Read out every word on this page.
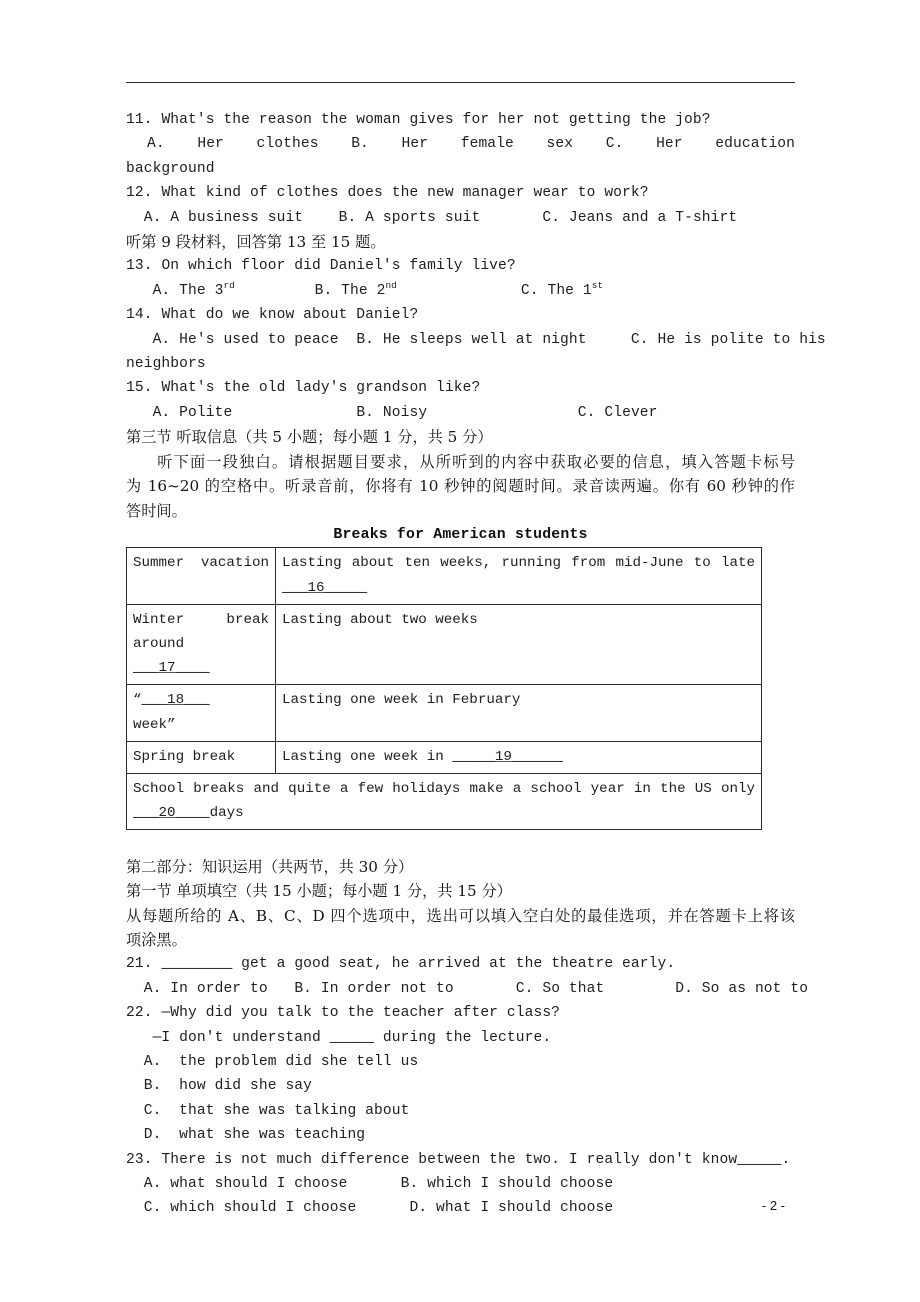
11. What's the reason the woman gives for her not getting the job?
A. Her clothes B. Her female sex C. Her education
background
12. What kind of clothes does the new manager wear to work?
A. A business suit B. A sports suit	C. Jeans and a T-shirt
听第 9 段材料，回答第 13 至 15 题。
13. On which floor did Daniel's family live?
A. The 3rd	B. The 2nd	C. The 1st
14. What do we know about Daniel?
A. He's used to peace B. He sleeps well at night	C. He is polite to his
neighbors
15. What's the old lady's grandson like?
A. Polite	B. Noisy	C. Clever
第三节 听取信息（共 5 小题；每小题 1 分，共 5 分）
听下面一段独白。请根据题目要求，从所听到的内容中获取必要的信息，填入答题卡标号
为 16~20 的空格中。听录音前，你将有 10 秒钟的阅题时间。录音读两遍。你有 60 秒钟的作
答时间。
Breaks for American students
Summer vacation	Lasting about ten weeks, running from mid-June to late
___16_____

Winter break
around
___17____	Lasting about two weeks

“___18___
week”	Lasting one week in February

Spring break	Lasting one week in _____19______

School breaks and quite a few holidays make a school year in the US only
___20____days	
第二部分：知识运用（共两节，共 30 分）
第一节 单项填空（共 15 小题；每小题 1 分，共 15 分）
从每题所给的 A、B、C、D 四个选项中，选出可以填入空白处的最佳选项，并在答题卡上将该
项涂黑。
21. ________ get a good seat, he arrived at the theatre early.
A. In order to B. In order not to	C. So that	D. So as not to
22. —Why did you talk to the teacher after class?
—I don't understand _____ during the lecture.
A.  the problem did she tell us
B.  how did she say
C.  that she was talking about
D.  what she was teaching
23. There is not much difference between the two. I really don't know_____.
A. what should I choose	B. which I should choose
C. which should I choose	D. what I should choose	- 2 -
